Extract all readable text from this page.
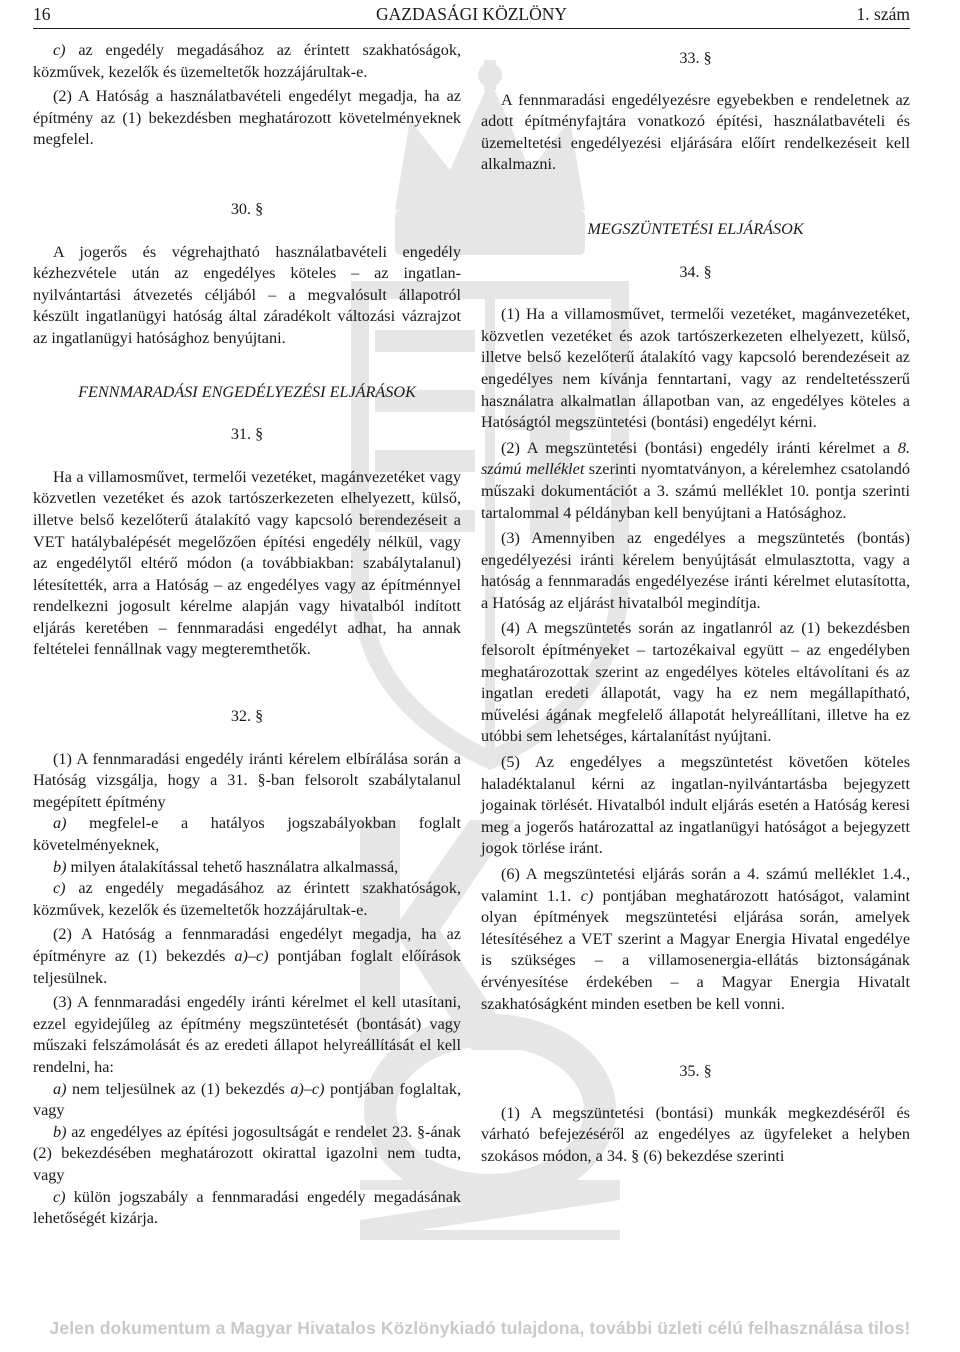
16	GAZDASÁGI KÖZLÖNY	1. szám

c) az engedély megadásához az érintett szakhatóságok, közművek, kezelők és üzemeltetők hozzájárultak-e.

(2) A Hatóság a használatbavételi engedélyt megadja, ha az építmény az (1) bekezdésben meghatározott követelményeknek megfelel.

30. §

A jogerős és végrehajtható használatbavételi engedély kézhezvétele után az engedélyes köteles – az ingatlan-nyilvántartási átvezetés céljából – a megvalósult állapotról készült ingatlanügyi hatóság által záradékolt változási vázrajzot az ingatlanügyi hatósághoz benyújtani.

FENNMARADÁSI ENGEDÉLYEZÉSI ELJÁRÁSOK
31. §

Ha a villamosművet, termelői vezetéket, magánvezetéket vagy közvetlen vezetéket és azok tartószerkezeten elhelyezett, külső, illetve belső kezelőterű átalakító vagy kapcsoló berendezéseit a VET hatálybalépését megelőzően építési engedély nélkül, vagy az engedélytől eltérő módon (a továbbiakban: szabálytalanul) létesítették, arra a Hatóság – az engedélyes vagy az építménnyel rendelkezni jogosult kérelme alapján vagy hivatalból indított eljárás keretében – fennmaradási engedélyt adhat, ha annak feltételei fennállnak vagy megteremthetők.

32. §

(1) A fennmaradási engedély iránti kérelem elbírálása során a Hatóság vizsgálja, hogy a 31. §-ban felsorolt szabálytalanul megépített építmény

a) megfelel-e a hatályos jogszabályokban foglalt követelményeknek,

b) milyen átalakítással tehető használatra alkalmassá,

c) az engedély megadásához az érintett szakhatóságok, közművek, kezelők és üzemeltetők hozzájárultak-e.

(2) A Hatóság a fennmaradási engedélyt megadja, ha az építményre az (1) bekezdés a)–c) pontjában foglalt előírások teljesülnek.

(3) A fennmaradási engedély iránti kérelmet el kell utasítani, ezzel egyidejűleg az építmény megszüntetését (bontását) vagy műszaki felszámolását és az eredeti állapot helyreállítását el kell rendelni, ha:

a) nem teljesülnek az (1) bekezdés a)–c) pontjában foglaltak, vagy

b) az engedélyes az építési jogosultságát e rendelet 23. §-ának (2) bekezdésében meghatározott okirattal igazolni nem tudta, vagy

c) külön jogszabály a fennmaradási engedély megadásának lehetőségét kizárja.

33. §

A fennmaradási engedélyezésre egyebekben e rendeletnek az adott építményfajtára vonatkozó építési, használatbavételi és üzemeltetési engedélyezési eljárására előírt rendelkezéseit kell alkalmazni.

MEGSZÜNTETÉSI ELJÁRÁSOK
34. §

(1) Ha a villamosművet, termelői vezetéket, magánvezetéket, közvetlen vezetéket és azok tartószerkezeten elhelyezett, külső, illetve belső kezelőterű átalakító vagy kapcsoló berendezéseit az engedélyes nem kívánja fenntartani, vagy az rendeltetésszerű használatra alkalmatlan állapotban van, az engedélyes köteles a Hatóságtól megszüntetési (bontási) engedélyt kérni.

(2) A megszüntetési (bontási) engedély iránti kérelmet a 8. számú melléklet szerinti nyomtatványon, a kérelemhez csatolandó műszaki dokumentációt a 3. számú melléklet 10. pontja szerinti tartalommal 4 példányban kell benyújtani a Hatósághoz.

(3) Amennyiben az engedélyes a megszüntetés (bontás) engedélyezési iránti kérelem benyújtását elmulasztotta, vagy a hatóság a fennmaradás engedélyezése iránti kérelmet elutasította, a Hatóság az eljárást hivatalból megindítja.

(4) A megszüntetés során az ingatlanról az (1) bekezdésben felsorolt építményeket – tartozékaival együtt – az engedélyben meghatározottak szerint az engedélyes köteles eltávolítani és az ingatlan eredeti állapotát, vagy ha ez nem megállapítható, művelési ágának megfelelő állapotát helyreállítani, illetve ha ez utóbbi sem lehetséges, kártalanítást nyújtani.

(5) Az engedélyes a megszüntetést követően köteles haladéktalanul kérni az ingatlan-nyilvántartásba bejegyzett jogainak törlését. Hivatalból indult eljárás esetén a Hatóság keresi meg a jogerős határozattal az ingatlanügyi hatóságot a bejegyzett jogok törlése iránt.

(6) A megszüntetési eljárás során a 4. számú melléklet 1.4., valamint 1.1. c) pontjában meghatározott hatóságot, valamint olyan építmények megszüntetési eljárása során, amelyek létesítéséhez a VET szerint a Magyar Energia Hivatal engedélye is szükséges – a villamosenergia-ellátás biztonságának érvényesítése érdekében – a Magyar Energia Hivatalt szakhatóságként minden esetben be kell vonni.

35. §

(1) A megszüntetési (bontási) munkák megkezdéséről és várható befejezéséről az engedélyes az ügyfeleket a helyben szokásos módon, a 34. § (6) bekezdése szerinti

Jelen dokumentum a Magyar Hivatalos Közlönykiadó tulajdona, további üzleti célú felhasználása tilos!
